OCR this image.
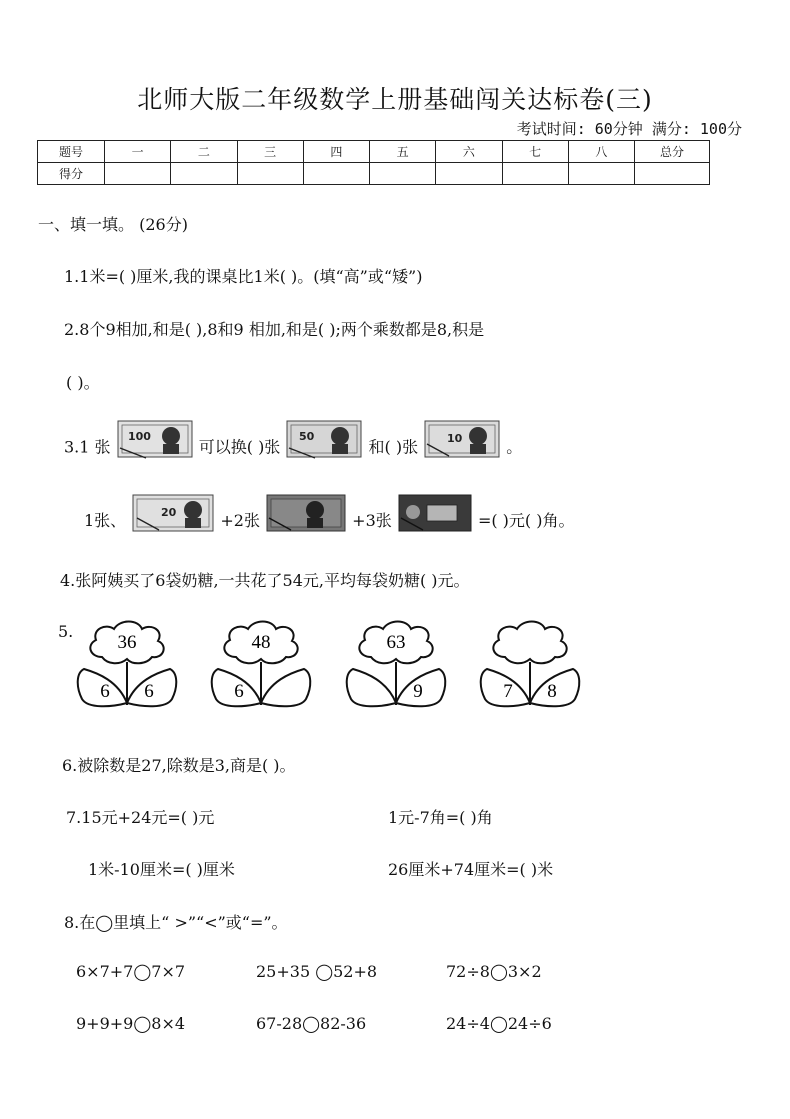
北师大版二年级数学上册基础闯关达标卷(三)
考试时间: 60分钟 满分: 100分
题号	一	二	三	四	五	六	七	八	总分
得分									
一、填一填。 (26分)
1.1米=( )厘米,我的课桌比1米( )。(填“高”或“矮”)
2.8个9相加,和是( ),8和9 相加,和是( );两个乘数都是8,积是
( )。
3.1 张
100
可以换( )张
50
和( )张	10	。
1张、	20	+2张	+3张	=( )元( )角。
4.张阿姨买了6袋奶糖,一共花了54元,平均每袋奶糖( )元。
5.
36
6 6
48
6
63
9	7 8
6.被除数是27,除数是3,商是( )。
7.15元+24元=( )元	1元-7角=( )角
1米-10厘米=( )厘米	26厘米+74厘米=( )米
8.在◯里填上“ >”“<”或“=”。
6×7+7◯7×7	25+35 ◯52+8	72÷8◯3×2
9+9+9◯8×4	67-28◯82-36	24÷4◯24÷6
